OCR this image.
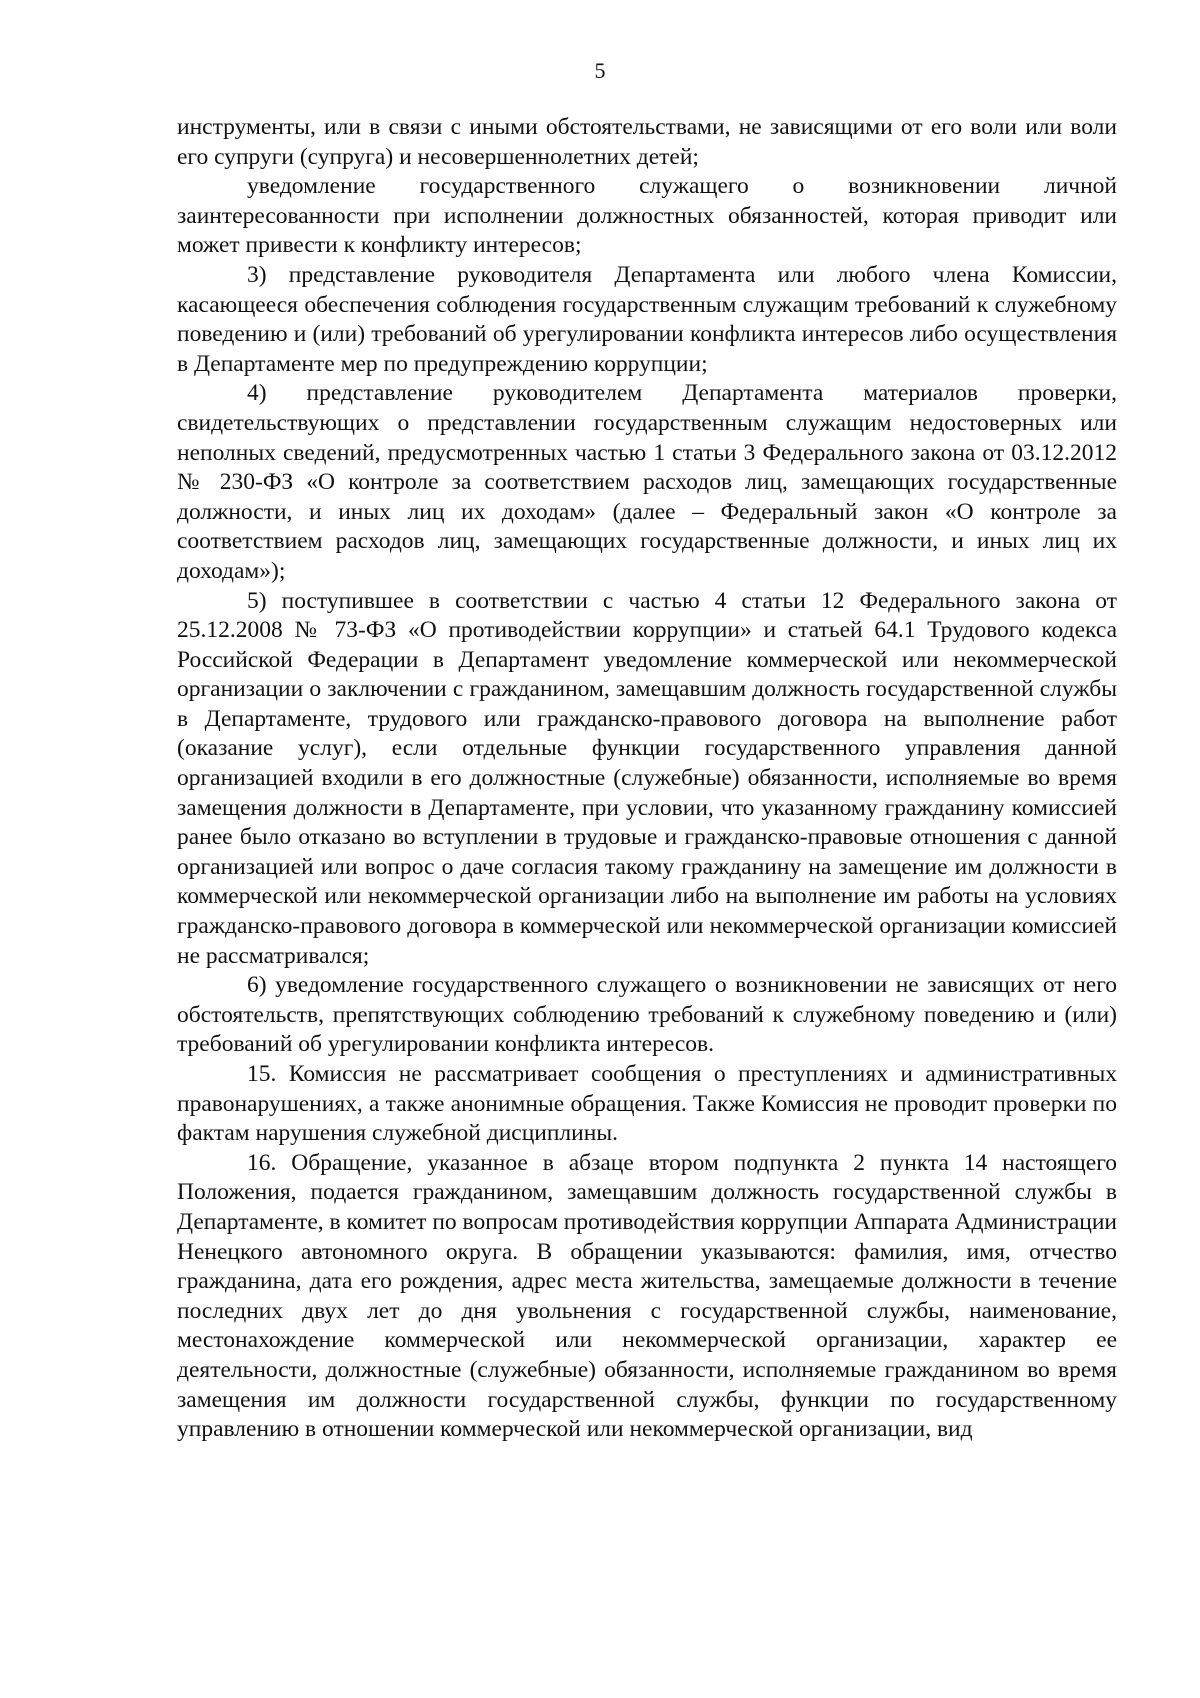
5

инструменты, или в связи с иными обстоятельствами, не зависящими от его воли или воли его супруги (супруга) и несовершеннолетних детей;

уведомление государственного служащего о возникновении личной заинтересованности при исполнении должностных обязанностей, которая приводит или может привести к конфликту интересов;

3) представление руководителя Департамента или любого члена Комиссии, касающееся обеспечения соблюдения государственным служащим требований к служебному поведению и (или) требований об урегулировании конфликта интересов либо осуществления в Департаменте мер по предупреждению коррупции;

4) представление руководителем Департамента материалов проверки, свидетельствующих о представлении государственным служащим недостоверных или неполных сведений, предусмотренных частью 1 статьи 3 Федерального закона от 03.12.2012 № 230-ФЗ «О контроле за соответствием расходов лиц, замещающих государственные должности, и иных лиц их доходам» (далее – Федеральный закон «О контроле за соответствием расходов лиц, замещающих государственные должности, и иных лиц их доходам»);

5) поступившее в соответствии с частью 4 статьи 12 Федерального закона от 25.12.2008 № 73-ФЗ «О противодействии коррупции» и статьей 64.1 Трудового кодекса Российской Федерации в Департамент уведомление коммерческой или некоммерческой организации о заключении с гражданином, замещавшим должность государственной службы в Департаменте, трудового или гражданско-правового договора на выполнение работ (оказание услуг), если отдельные функции государственного управления данной организацией входили в его должностные (служебные) обязанности, исполняемые во время замещения должности в Департаменте, при условии, что указанному гражданину комиссией ранее было отказано во вступлении в трудовые и гражданско-правовые отношения с данной организацией или вопрос о даче согласия такому гражданину на замещение им должности в коммерческой или некоммерческой организации либо на выполнение им работы на условиях гражданско-правового договора в коммерческой или некоммерческой организации комиссией не рассматривался;

6) уведомление государственного служащего о возникновении не зависящих от него обстоятельств, препятствующих соблюдению требований к служебному поведению и (или) требований об урегулировании конфликта интересов.

15. Комиссия не рассматривает сообщения о преступлениях и административных правонарушениях, а также анонимные обращения. Также Комиссия не проводит проверки по фактам нарушения служебной дисциплины.

16. Обращение, указанное в абзаце втором подпункта 2 пункта 14 настоящего Положения, подается гражданином, замещавшим должность государственной службы в Департаменте, в комитет по вопросам противодействия коррупции Аппарата Администрации Ненецкого автономного округа. В обращении указываются: фамилия, имя, отчество гражданина, дата его рождения, адрес места жительства, замещаемые должности в течение последних двух лет до дня увольнения с государственной службы, наименование, местонахождение коммерческой или некоммерческой организации, характер ее деятельности, должностные (служебные) обязанности, исполняемые гражданином во время замещения им должности государственной службы, функции по государственному управлению в отношении коммерческой или некоммерческой организации, вид
